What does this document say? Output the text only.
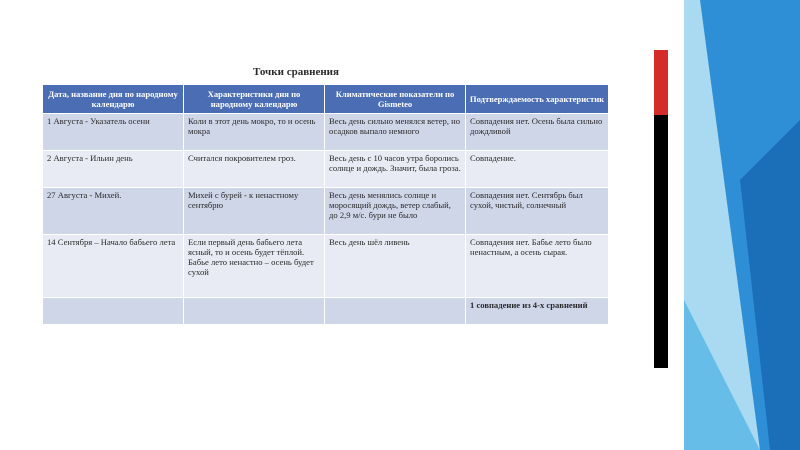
Точки сравнения
Дата, название дня по народному календарю	Характеристики дня по народному календарю	Климатические показатели по Gismeteo	Подтверждаемость характеристик
1 Августа - Указатель осени	Коли в этот день мокро, то и осень мокра	Весь день сильно менялся ветер, но осадков выпало немного	Совпадения нет. Осень была сильно дождливой
2 Августа - Ильин день	Считался покровителем гроз.	Весь день с 10 часов утра боролись солнце и дождь. Значит, была гроза.	Совпадение.
27 Августа - Михей.	Михей с бурей - к ненастному сентябрю	Весь день менялись солнце и моросящий дождь, ветер слабый, до 2,9 м/с. бури не было	Совпадения нет. Сентябрь был сухой, чистый, солнечный
14 Сентября – Начало бабьего лета	Если первый день бабьего лета ясный, то и осень будет тёплой. Бабье лето ненастно – осень будет сухой	Весь день шёл ливень	Совпадения нет. Бабье лето было ненастным, а осень сырая.
			1 совпадение из 4-х сравнений
